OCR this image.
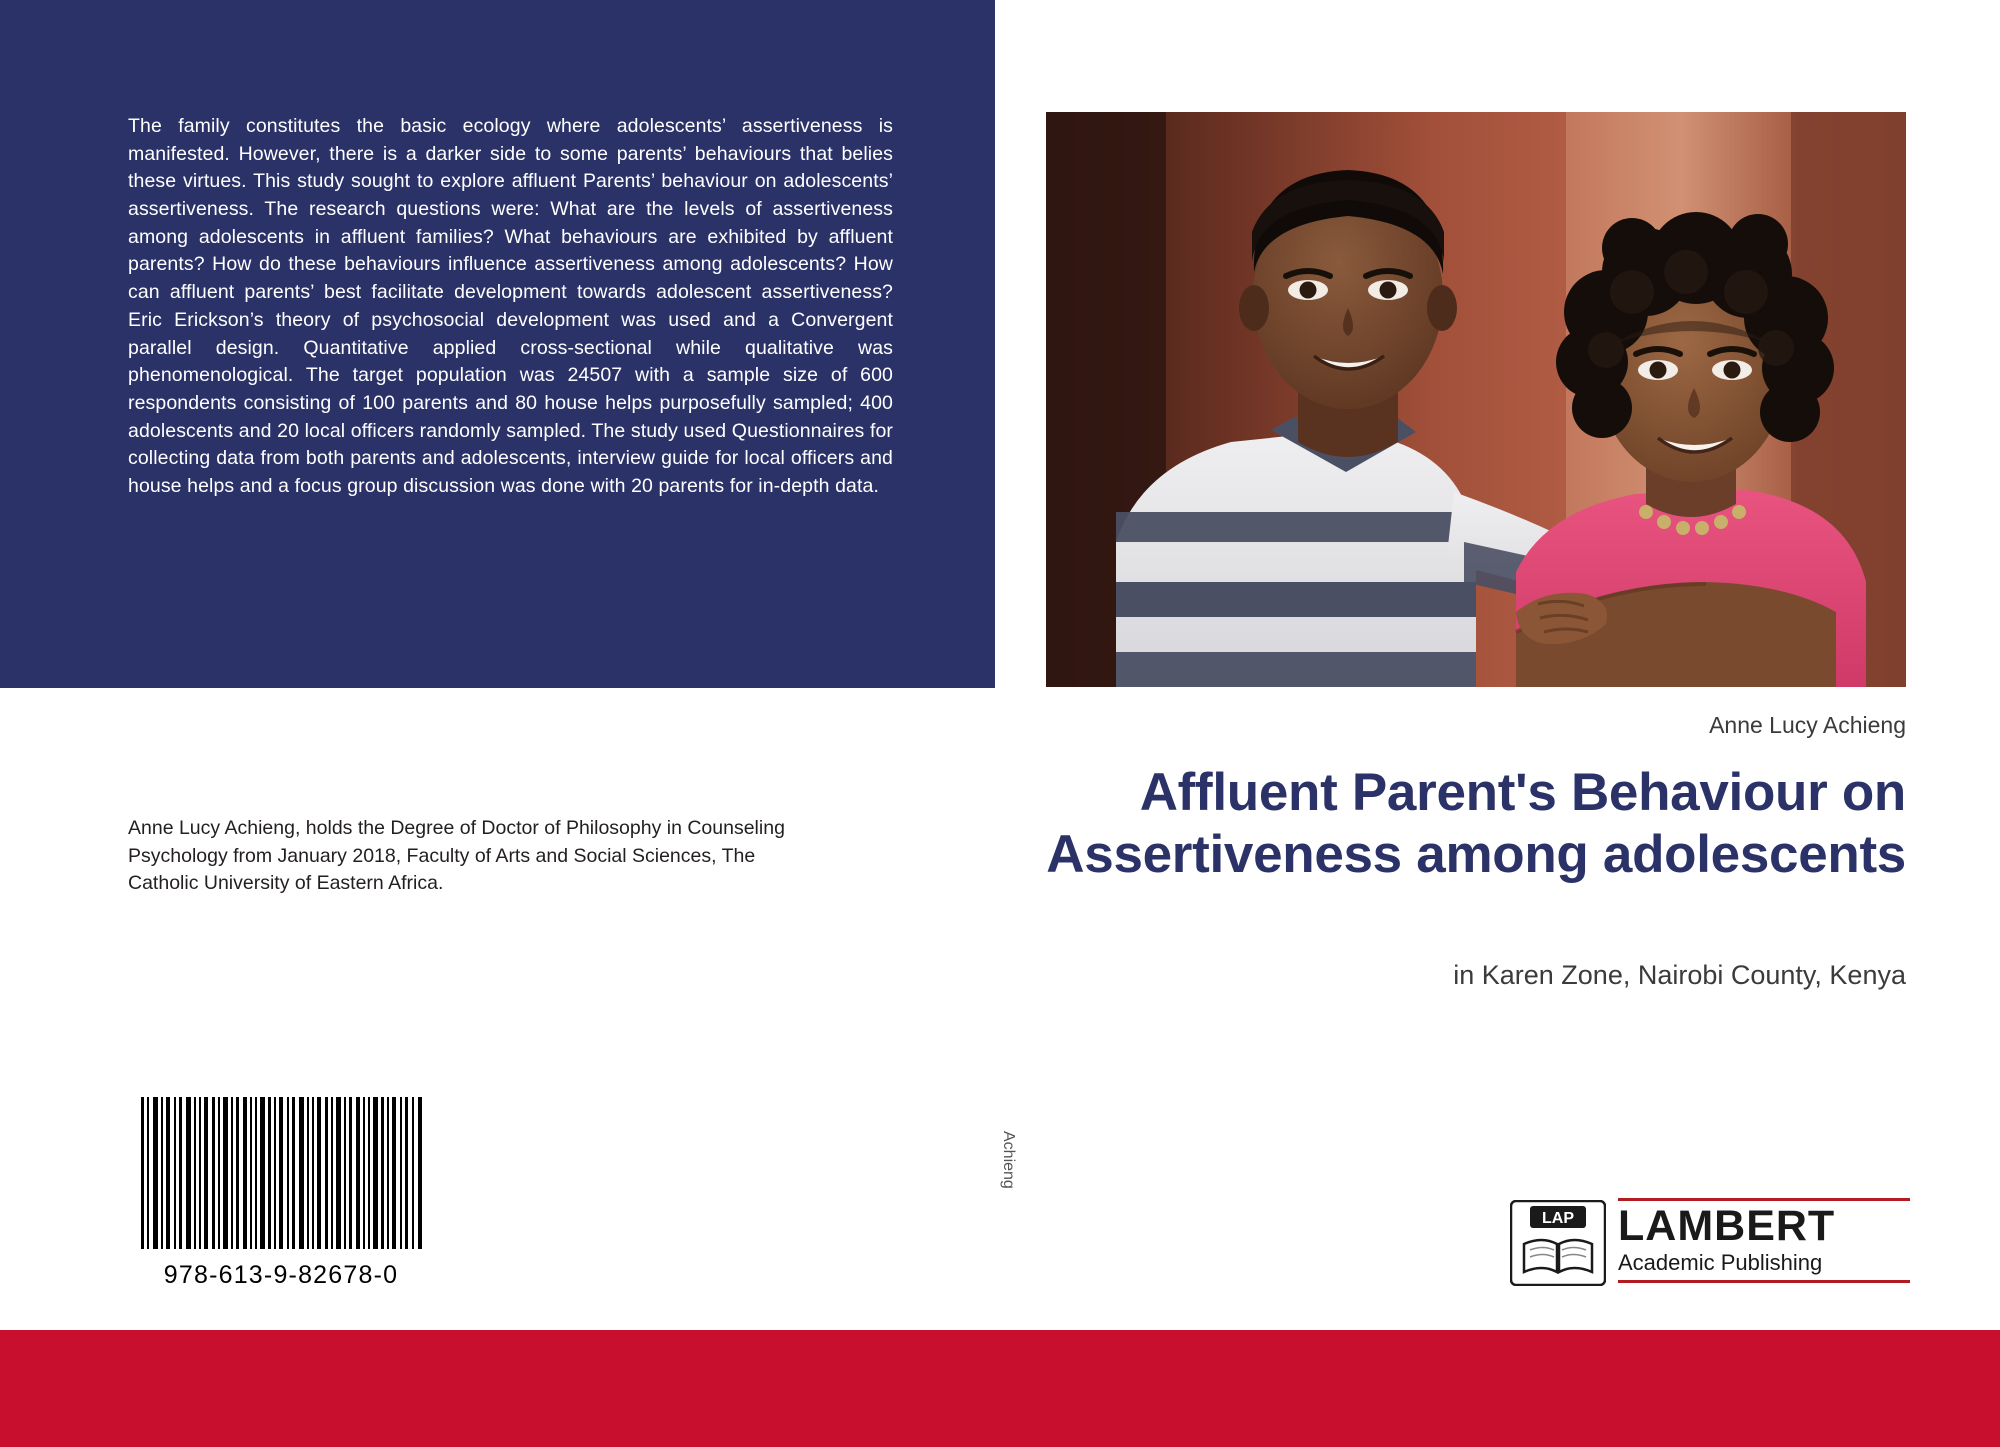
The family constitutes the basic ecology where adolescents’ assertiveness is manifested. However, there is a darker side to some parents’ behaviours that belies these virtues. This study sought to explore affluent Parents’ behaviour on adolescents’ assertiveness. The research questions were: What are the levels of assertiveness among adolescents in affluent families? What behaviours are exhibited by affluent parents? How do these behaviours influence assertiveness among adolescents? How can affluent parents’ best facilitate development towards adolescent assertiveness? Eric Erickson’s theory of psychosocial development was used and a Convergent parallel design. Quantitative applied cross-sectional while qualitative was phenomenological. The target population was 24507 with a sample size of 600 respondents consisting of 100 parents and 80 house helps purposefully sampled; 400 adolescents and 20 local officers randomly sampled. The study used Questionnaires for collecting data from both parents and adolescents, interview guide for local officers and house helps and a focus group discussion was done with 20 parents for in-depth data.
Adolescents Behaviour
Achieng
Anne Lucy Achieng, holds the Degree of Doctor of Philosophy in Counseling Psychology from January 2018, Faculty of Arts and Social Sciences, The Catholic University of Eastern Africa.
978-613-9-82678-0
Anne Lucy Achieng
Affluent Parent's Behaviour on Assertiveness among adolescents
in Karen Zone, Nairobi County, Kenya
LAP LAMBERT
Academic Publishing
